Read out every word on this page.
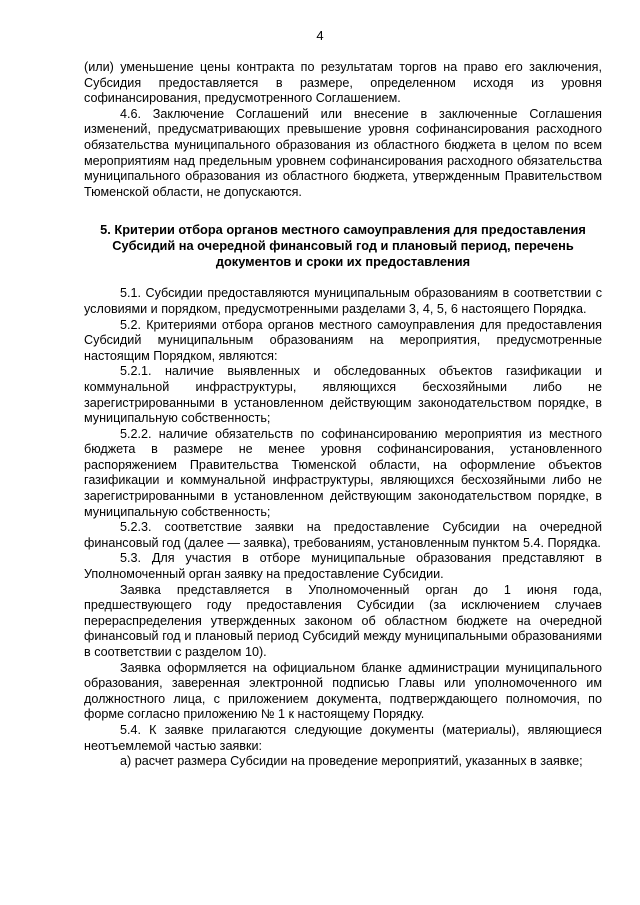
4

(или) уменьшение цены контракта по результатам торгов на право его заключения, Субсидия предоставляется в размере, определенном исходя из уровня софинансирования, предусмотренного Соглашением.

4.6. Заключение Соглашений или внесение в заключенные Соглашения изменений, предусматривающих превышение уровня софинансирования расходного обязательства муниципального образования из областного бюджета в целом по всем мероприятиям над предельным уровнем софинансирования расходного обязательства муниципального образования из областного бюджета, утвержденным Правительством Тюменской области, не допускаются.

5. Критерии отбора органов местного самоуправления для предоставления Субсидий на очередной финансовый год и плановый период, перечень документов и сроки их предоставления

5.1. Субсидии предоставляются муниципальным образованиям в соответствии с условиями и порядком, предусмотренными разделами 3, 4, 5, 6 настоящего Порядка.

5.2. Критериями отбора органов местного самоуправления для предоставления Субсидий муниципальным образованиям на мероприятия, предусмотренные настоящим Порядком, являются:

5.2.1. наличие выявленных и обследованных объектов газификации и коммунальной инфраструктуры, являющихся бесхозяйными либо не зарегистрированными в установленном действующим законодательством порядке, в муниципальную собственность;

5.2.2. наличие обязательств по софинансированию мероприятия из местного бюджета в размере не менее уровня софинансирования, установленного распоряжением Правительства Тюменской области, на оформление объектов газификации и коммунальной инфраструктуры, являющихся бесхозяйными либо не зарегистрированными в установленном действующим законодательством порядке, в муниципальную собственность;

5.2.3. соответствие заявки на предоставление Субсидии на очередной финансовый год (далее — заявка), требованиям, установленным пунктом 5.4. Порядка.

5.3. Для участия в отборе муниципальные образования представляют в Уполномоченный орган заявку на предоставление Субсидии.

Заявка представляется в Уполномоченный орган до 1 июня года, предшествующего году предоставления Субсидии (за исключением случаев перераспределения утвержденных законом об областном бюджете на очередной финансовый год и плановый период Субсидий между муниципальными образованиями в соответствии с разделом 10).

Заявка оформляется на официальном бланке администрации муниципального образования, заверенная электронной подписью Главы или уполномоченного им должностного лица, с приложением документа, подтверждающего полномочия, по форме согласно приложению № 1 к настоящему Порядку.

5.4. К заявке прилагаются следующие документы (материалы), являющиеся неотъемлемой частью заявки:

а) расчет размера Субсидии на проведение мероприятий, указанных в заявке;
